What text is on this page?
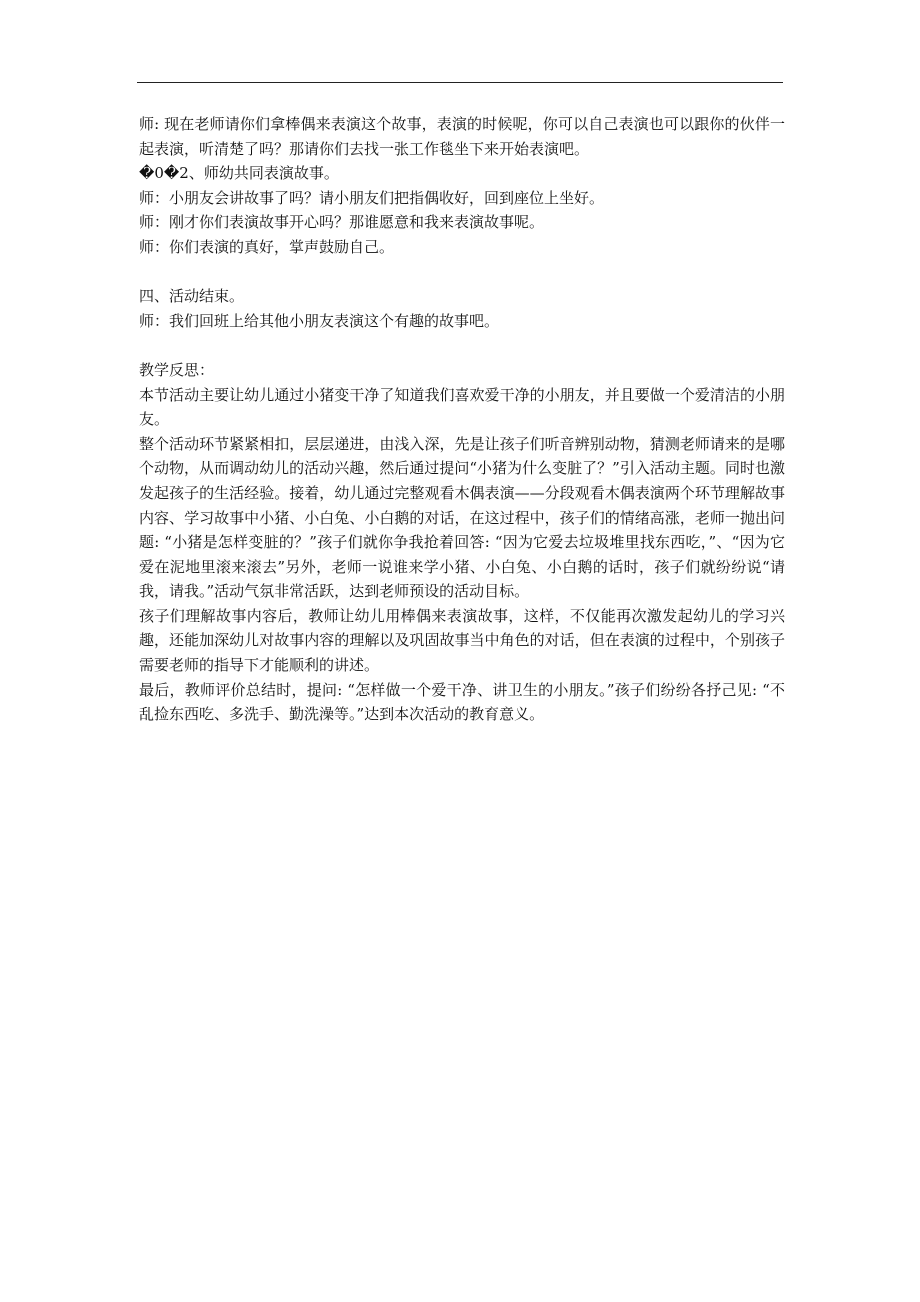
师: 现在老师请你们拿棒偶来表演这个故事，表演的时候呢，你可以自己表演也可以跟你的伙伴一起表演，听清楚了吗？那请你们去找一张工作毯坐下来开始表演吧。

�0�2、师幼共同表演故事。

师：小朋友会讲故事了吗？请小朋友们把指偶收好，回到座位上坐好。

师：刚才你们表演故事开心吗？那谁愿意和我来表演故事呢。

师：你们表演的真好，掌声鼓励自己。

四、活动结束。

师：我们回班上给其他小朋友表演这个有趣的故事吧。

教学反思：

本节活动主要让幼儿通过小猪变干净了知道我们喜欢爱干净的小朋友，并且要做一个爱清洁的小朋友。

整个活动环节紧紧相扣，层层递进，由浅入深，先是让孩子们听音辨别动物，猜测老师请来的是哪个动物，从而调动幼儿的活动兴趣，然后通过提问“小猪为什么变脏了？”引入活动主题。同时也激发起孩子的生活经验。接着，幼儿通过完整观看木偶表演——分段观看木偶表演两个环节理解故事内容、学习故事中小猪、小白兔、小白鹅的对话，在这过程中，孩子们的情绪高涨，老师一抛出问题: “小猪是怎样变脏的？”孩子们就你争我抢着回答: “因为它爱去垃圾堆里找东西吃，”、“因为它爱在泥地里滚来滚去”另外，老师一说谁来学小猪、小白兔、小白鹅的话时，孩子们就纷纷说“请我，请我。”活动气氛非常活跃，达到老师预设的活动目标。

孩子们理解故事内容后，教师让幼儿用棒偶来表演故事，这样，不仅能再次激发起幼儿的学习兴趣，还能加深幼儿对故事内容的理解以及巩固故事当中角色的对话，但在表演的过程中，个别孩子需要老师的指导下才能顺利的讲述。

最后，教师评价总结时，提问: “怎样做一个爱干净、讲卫生的小朋友。”孩子们纷纷各抒己见: “不乱捡东西吃、多洗手、勤洗澡等。”达到本次活动的教育意义。
